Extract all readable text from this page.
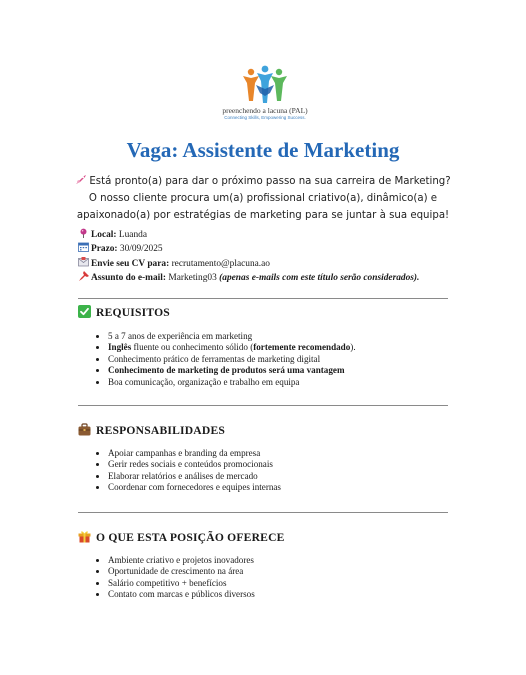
preenchendo a lacuna (PAL)
Connecting Skills, Empowering Success.
Vaga: Assistente de Marketing
Está pronto(a) para dar o próximo passo na sua carreira de Marketing? O nosso cliente procura um(a) profissional criativo(a), dinâmico(a) e apaixonado(a) por estratégias de marketing para se juntar à sua equipa!
Local: Luanda
Prazo: 30/09/2025
Envie seu CV para: recrutamento@placuna.ao
Assunto do e-mail: Marketing03 (apenas e-mails com este título serão considerados).
REQUISITOS
• 5 a 7 anos de experiência em marketing
• Inglês fluente ou conhecimento sólido (fortemente recomendado).
• Conhecimento prático de ferramentas de marketing digital
• Conhecimento de marketing de produtos será uma vantagem
• Boa comunicação, organização e trabalho em equipa
RESPONSABILIDADES
• Apoiar campanhas e branding da empresa
• Gerir redes sociais e conteúdos promocionais
• Elaborar relatórios e análises de mercado
• Coordenar com fornecedores e equipes internas
O QUE ESTA POSIÇÃO OFERECE
• Ambiente criativo e projetos inovadores
• Oportunidade de crescimento na área
• Salário competitivo + benefícios
• Contato com marcas e públicos diversos
